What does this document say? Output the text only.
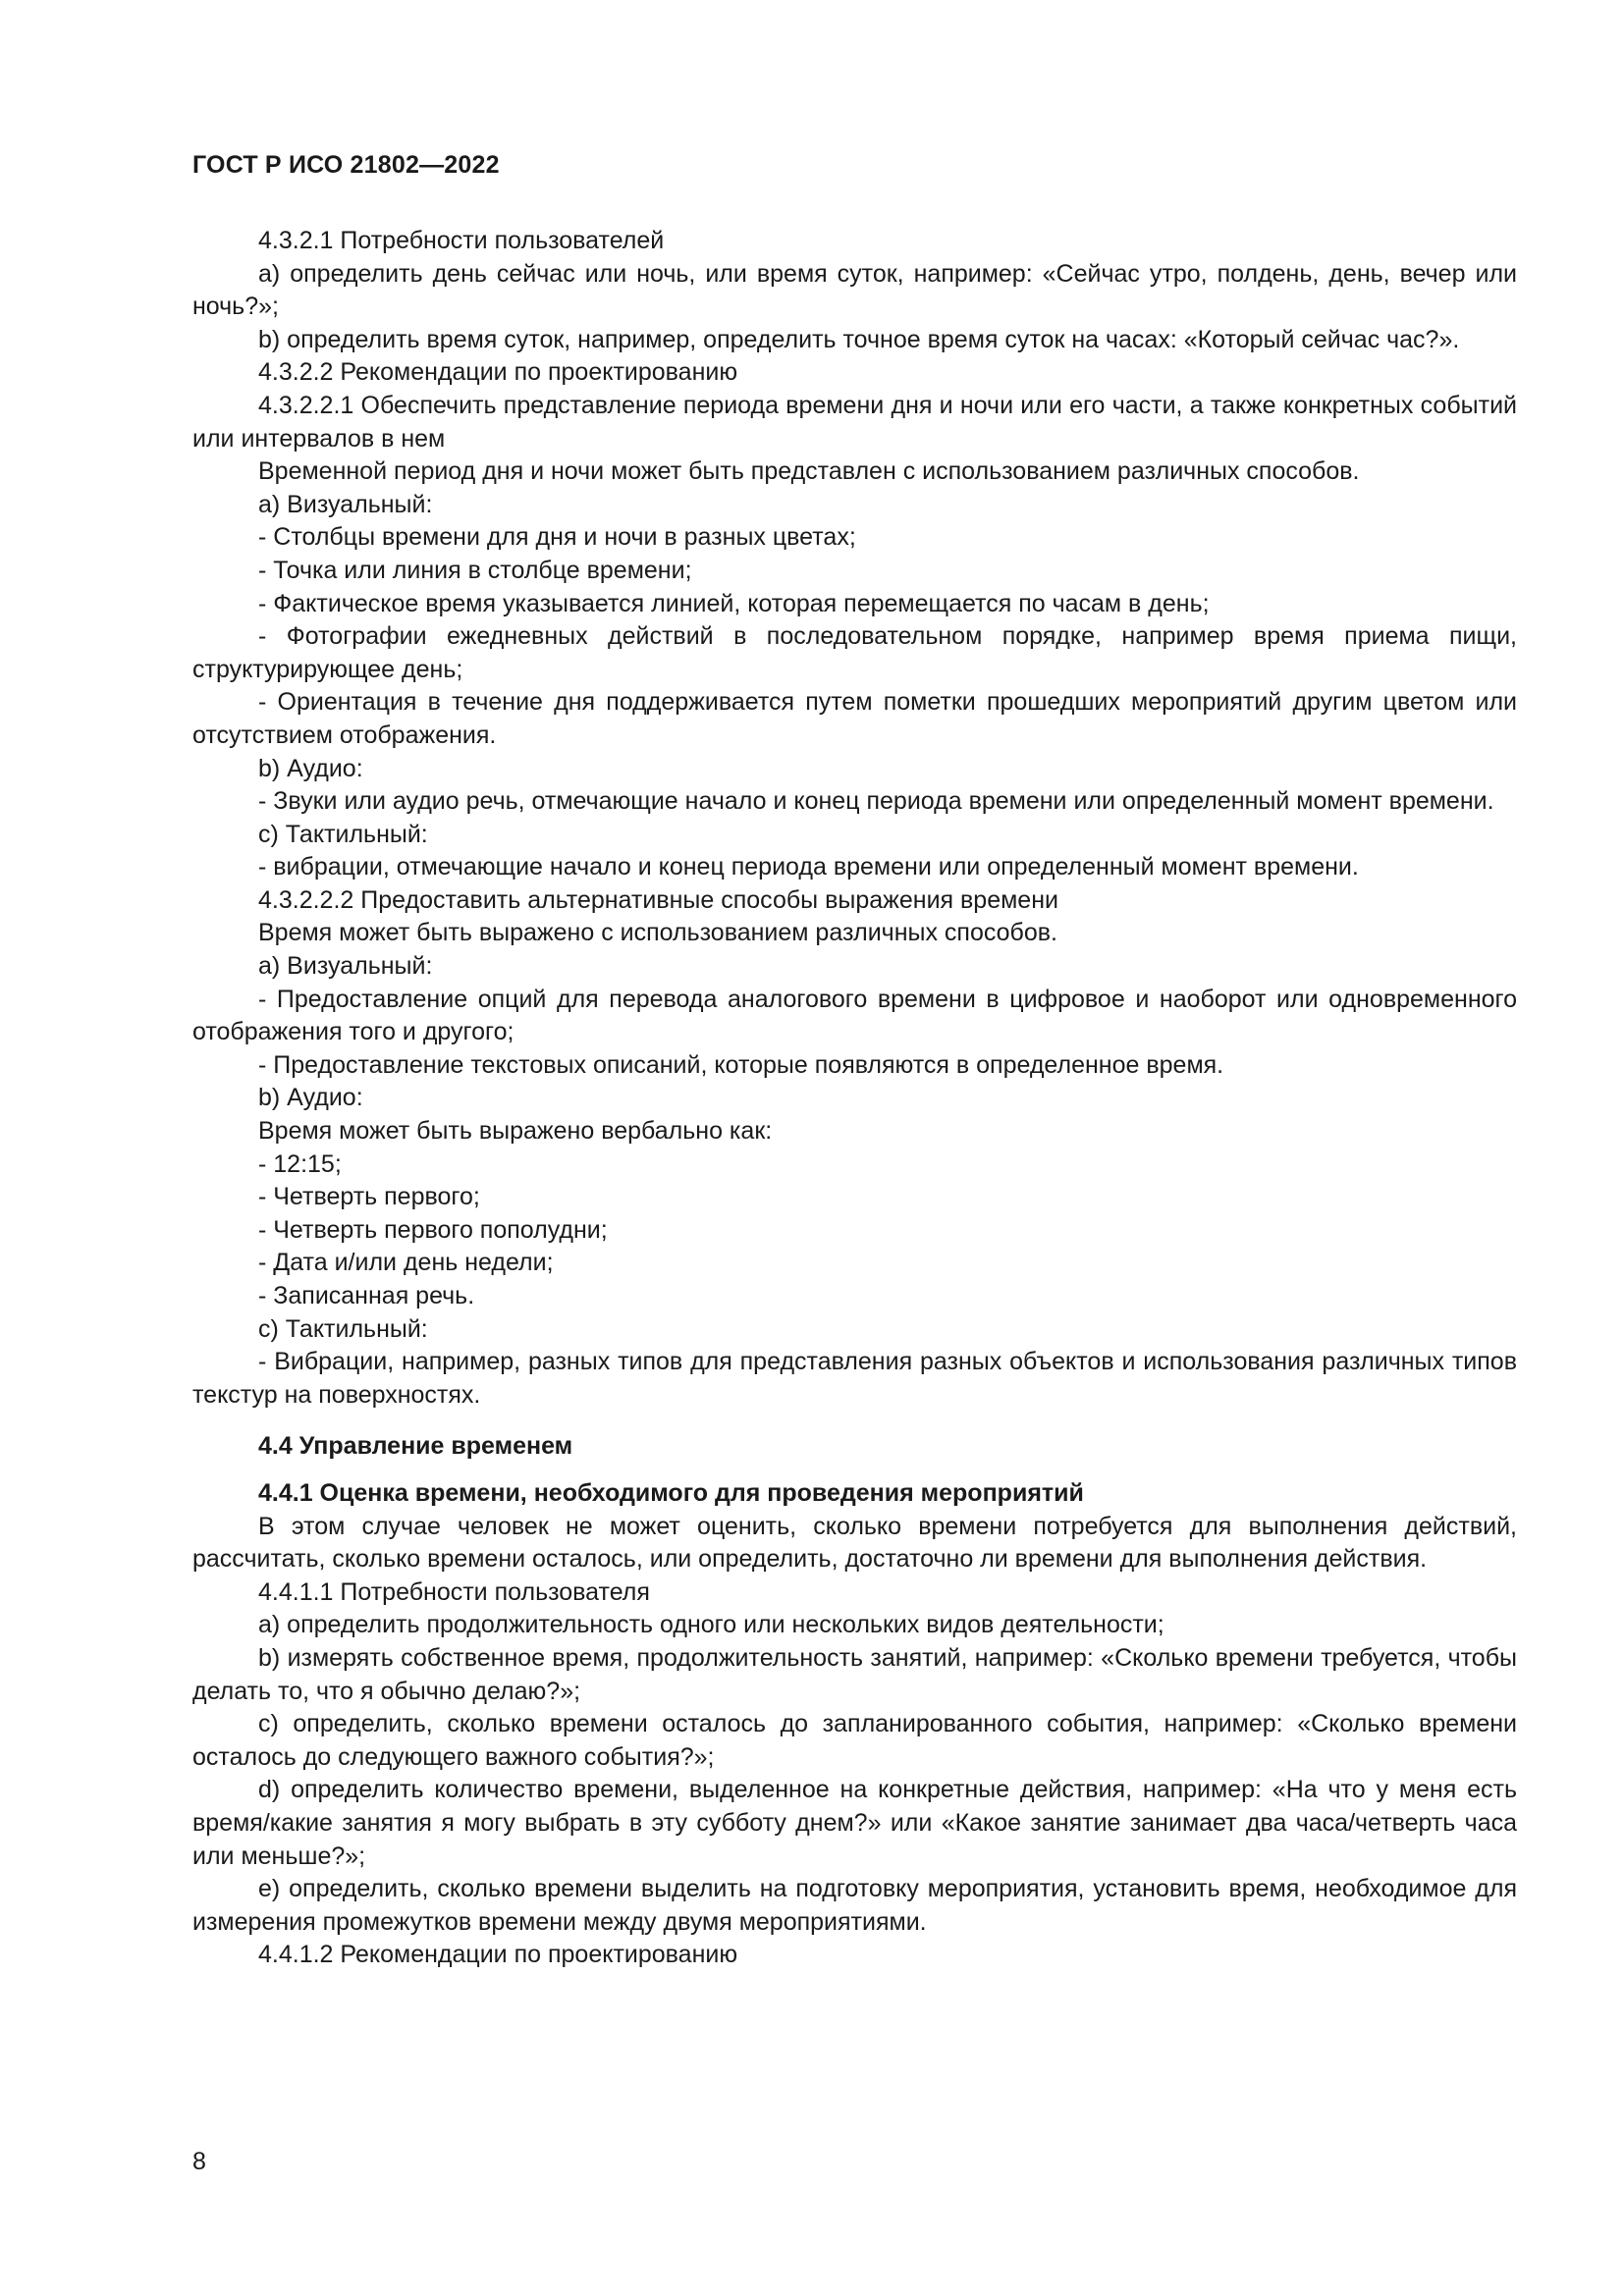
ГОСТ Р ИСО 21802—2022

4.3.2.1 Потребности пользователей

a) определить день сейчас или ночь, или время суток, например: «Сейчас утро, полдень, день, вечер или ночь?»;

b) определить время суток, например, определить точное время суток на часах: «Который сейчас час?».

4.3.2.2 Рекомендации по проектированию

4.3.2.2.1 Обеспечить представление периода времени дня и ночи или его части, а также конкретных событий или интервалов в нем

Временной период дня и ночи может быть представлен с использованием различных способов.

a) Визуальный:

- Столбцы времени для дня и ночи в разных цветах;

- Точка или линия в столбце времени;

- Фактическое время указывается линией, которая перемещается по часам в день;

- Фотографии ежедневных действий в последовательном порядке, например время приема пищи, структурирующее день;

- Ориентация в течение дня поддерживается путем пометки прошедших мероприятий другим цветом или отсутствием отображения.

b) Аудио:

- Звуки или аудио речь, отмечающие начало и конец периода времени или определенный момент времени.

c) Тактильный:

- вибрации, отмечающие начало и конец периода времени или определенный момент времени.

4.3.2.2.2 Предоставить альтернативные способы выражения времени

Время может быть выражено с использованием различных способов.

a) Визуальный:

- Предоставление опций для перевода аналогового времени в цифровое и наоборот или одновременного отображения того и другого;

- Предоставление текстовых описаний, которые появляются в определенное время.

b) Аудио:

Время может быть выражено вербально как:

- 12:15;

- Четверть первого;

- Четверть первого пополудни;

- Дата и/или день недели;

- Записанная речь.

c) Тактильный:

- Вибрации, например, разных типов для представления разных объектов и использования различных типов текстур на поверхностях.

4.4 Управление временем

4.4.1 Оценка времени, необходимого для проведения мероприятий

В этом случае человек не может оценить, сколько времени потребуется для выполнения действий, рассчитать, сколько времени осталось, или определить, достаточно ли времени для выполнения действия.

4.4.1.1 Потребности пользователя

a) определить продолжительность одного или нескольких видов деятельности;

b) измерять собственное время, продолжительность занятий, например: «Сколько времени требуется, чтобы делать то, что я обычно делаю?»;

c) определить, сколько времени осталось до запланированного события, например: «Сколько времени осталось до следующего важного события?»;

d) определить количество времени, выделенное на конкретные действия, например: «На что у меня есть время/какие занятия я могу выбрать в эту субботу днем?» или «Какое занятие занимает два часа/четверть часа или меньше?»;

e) определить, сколько времени выделить на подготовку мероприятия, установить время, необходимое для измерения промежутков времени между двумя мероприятиями.

4.4.1.2 Рекомендации по проектированию

8
